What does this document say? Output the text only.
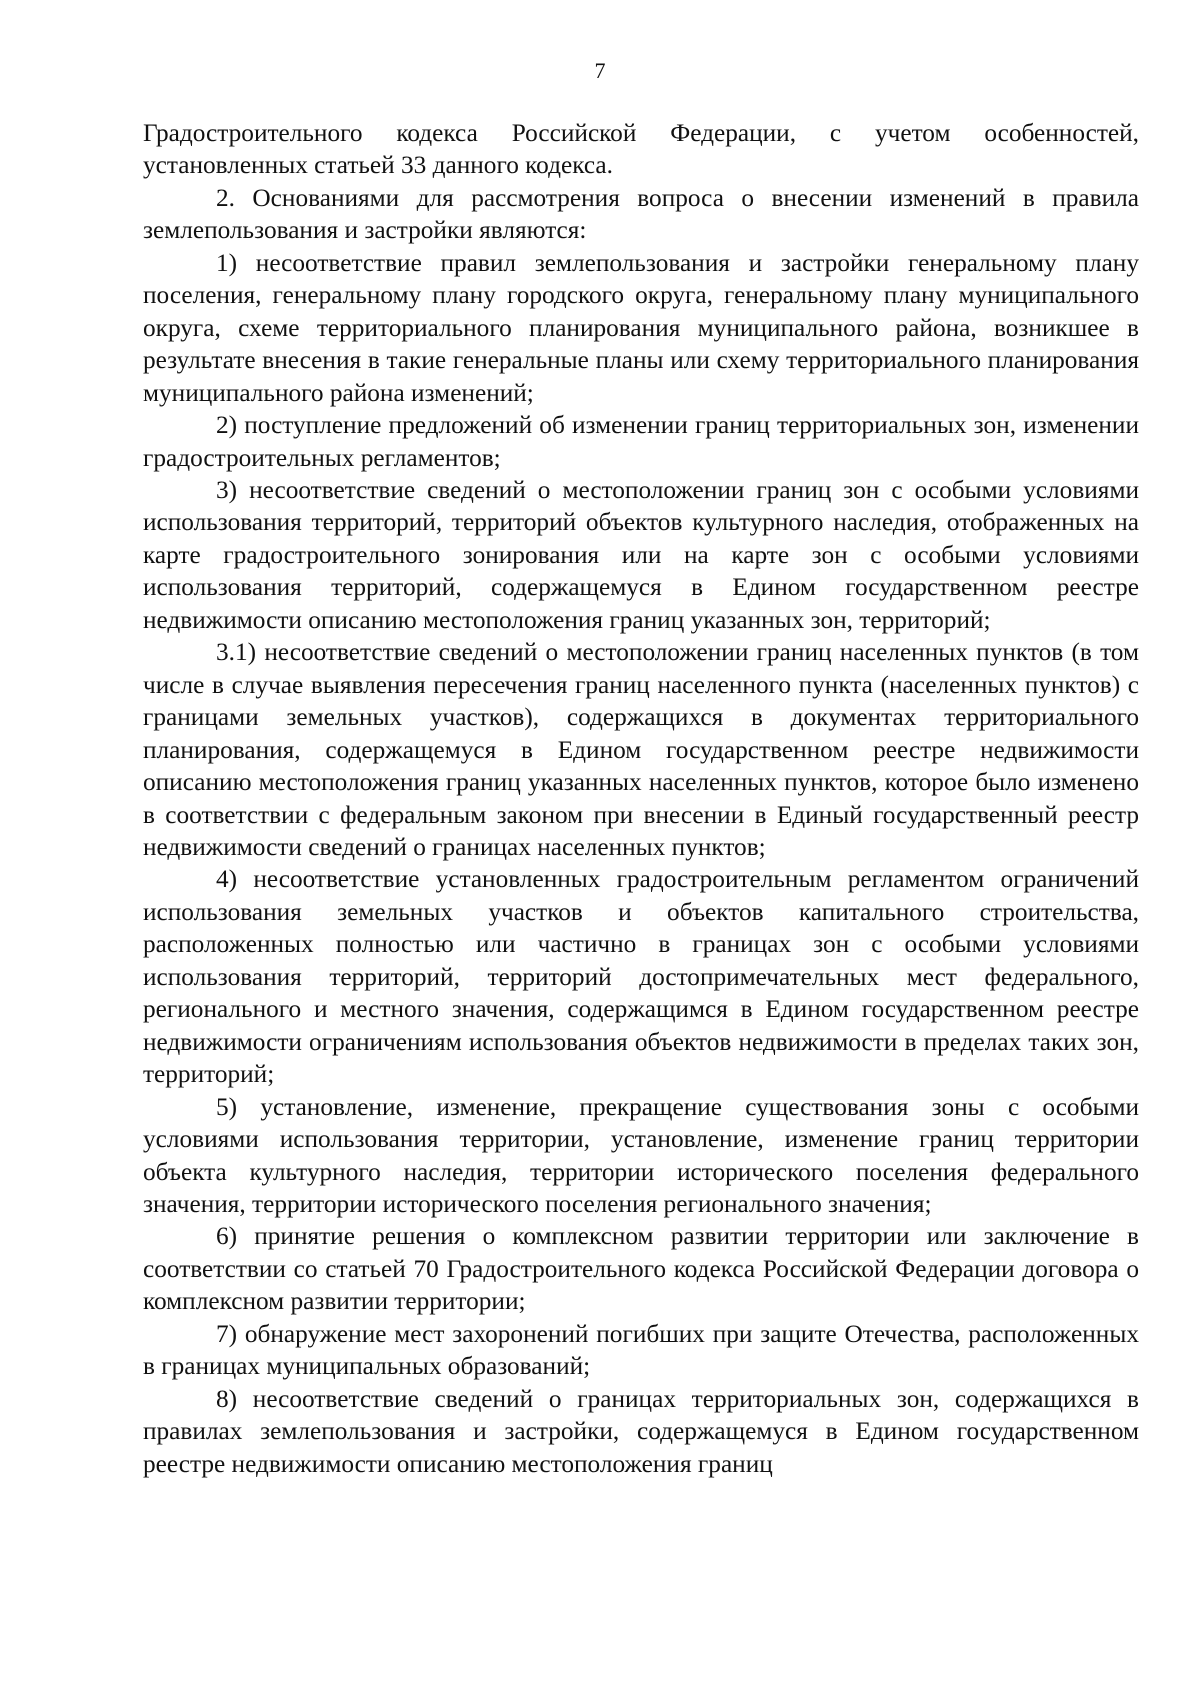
7

Градостроительного кодекса Российской Федерации, с учетом особенностей, установленных статьей 33 данного кодекса.

2. Основаниями для рассмотрения вопроса о внесении изменений в правила землепользования и застройки являются:

1) несоответствие правил землепользования и застройки генеральному плану поселения, генеральному плану городского округа, генеральному плану муниципального округа, схеме территориального планирования муниципального района, возникшее в результате внесения в такие генеральные планы или схему территориального планирования муниципального района изменений;

2) поступление предложений об изменении границ территориальных зон, изменении градостроительных регламентов;

3) несоответствие сведений о местоположении границ зон с особыми условиями использования территорий, территорий объектов культурного наследия, отображенных на карте градостроительного зонирования или на карте зон с особыми условиями использования территорий, содержащемуся в Едином государственном реестре недвижимости описанию местоположения границ указанных зон, территорий;

3.1) несоответствие сведений о местоположении границ населенных пунктов (в том числе в случае выявления пересечения границ населенного пункта (населенных пунктов) с границами земельных участков), содержащихся в документах территориального планирования, содержащемуся в Едином государственном реестре недвижимости описанию местоположения границ указанных населенных пунктов, которое было изменено в соответствии с федеральным законом при внесении в Единый государственный реестр недвижимости сведений о границах населенных пунктов;

4) несоответствие установленных градостроительным регламентом ограничений использования земельных участков и объектов капитального строительства, расположенных полностью или частично в границах зон с особыми условиями использования территорий, территорий достопримечательных мест федерального, регионального и местного значения, содержащимся в Едином государственном реестре недвижимости ограничениям использования объектов недвижимости в пределах таких зон, территорий;

5) установление, изменение, прекращение существования зоны с особыми условиями использования территории, установление, изменение границ территории объекта культурного наследия, территории исторического поселения федерального значения, территории исторического поселения регионального значения;

6) принятие решения о комплексном развитии территории или заключение в соответствии со статьей 70 Градостроительного кодекса Российской Федерации договора о комплексном развитии территории;

7) обнаружение мест захоронений погибших при защите Отечества, расположенных в границах муниципальных образований;

8) несоответствие сведений о границах территориальных зон, содержащихся в правилах землепользования и застройки, содержащемуся в Едином государственном реестре недвижимости описанию местоположения границ
